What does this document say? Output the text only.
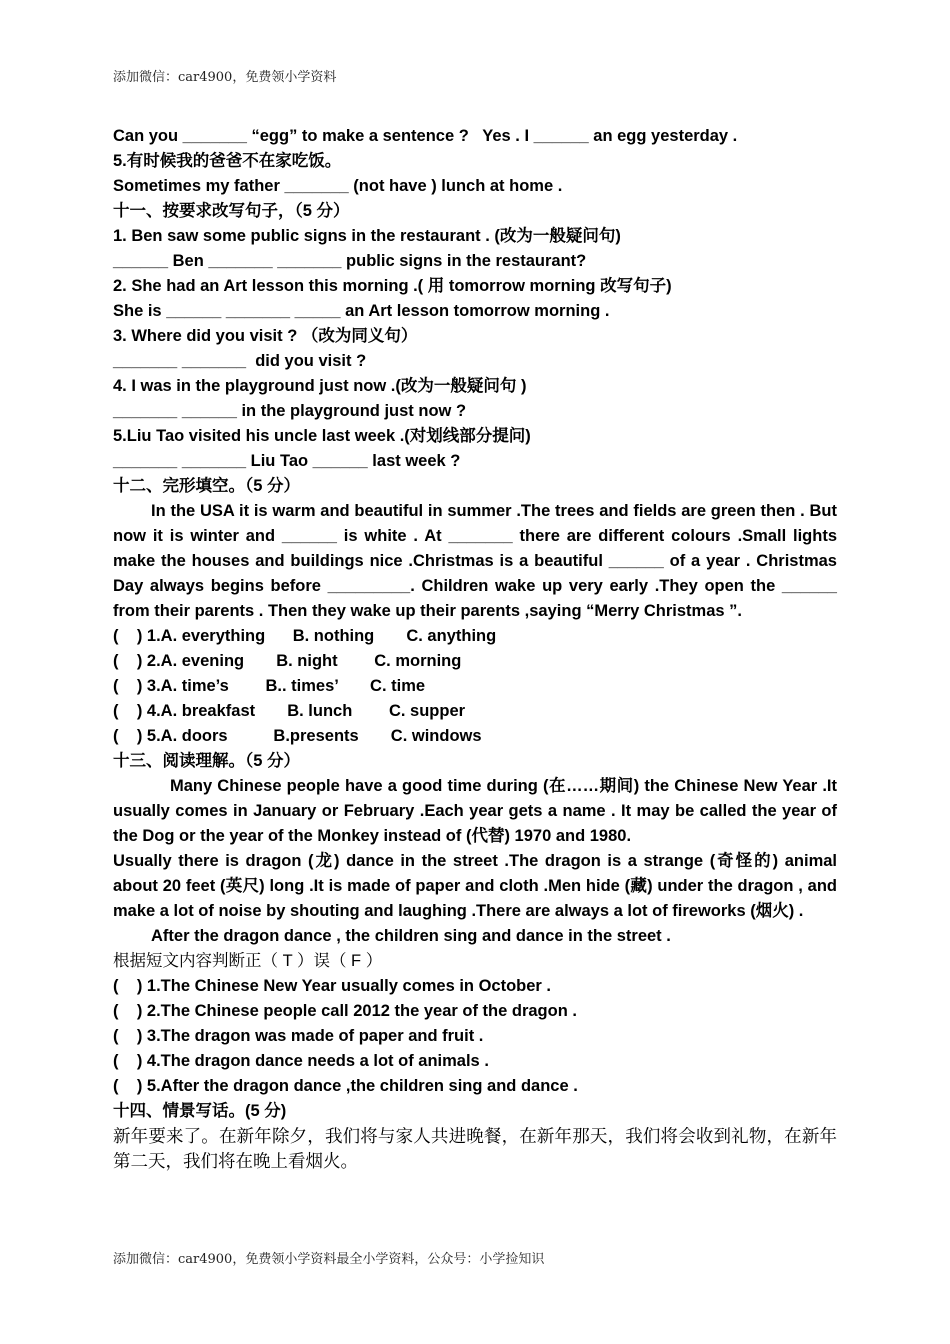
添加微信：car4900，免费领小学资料
Can you _______ “egg” to make a sentence ?   Yes . I ______ an egg yesterday .
5.有时候我的爸爸不在家吃饭。
Sometimes my father _______ (not have ) lunch at home .
十一、按要求改写句子，（5 分）
1. Ben saw some public signs in the restaurant . (改为一般疑问句)
______ Ben _______ _______ public signs in the restaurant?
2. She had an Art lesson this morning .( 用 tomorrow morning 改写句子)
She is ______ _______ _____ an Art lesson tomorrow morning .
3. Where did you visit ? （改为同义句）
_______ _______  did you visit ?
4. I was in the playground just now .(改为一般疑问句 )
_______ ______ in the playground just now ?
5.Liu Tao visited his uncle last week .(对划线部分提问)
_______ _______ Liu Tao ______ last week ?
十二、完形填空。（5 分）
In the USA it is warm and beautiful in summer .The trees and fields are green then . But now it is winter and ______ is white . At _______ there are different colours .Small lights make the houses and buildings nice .Christmas is a beautiful ______ of a year . Christmas Day always begins before _________. Children wake up very early .They open the ______ from their parents . Then they wake up their parents ,saying “Merry Christmas ”.
(    ) 1.A. everything      B. nothing       C. anything
(    ) 2.A. evening       B. night        C. morning
(    ) 3.A. time’s        B.. times’       C. time
(    ) 4.A. breakfast       B. lunch        C. supper
(    ) 5.A. doors          B.presents       C. windows
十三、阅读理解。（5 分）
Many Chinese people have a good time during (在……期间) the Chinese New Year .It usually comes in January or February .Each year gets a name . It may be called the year of the Dog or the year of the Monkey instead of (代替) 1970 and 1980.
Usually there is dragon (龙) dance in the street .The dragon is a strange (奇怪的) animal about 20 feet (英尺) long .It is made of paper and cloth .Men hide (藏) under the dragon , and make a lot of noise by shouting and laughing .There are always a lot of fireworks (烟火) .
After the dragon dance , the children sing and dance in the street .
根据短文内容判断正（ T ）误（ F ）
(    ) 1.The Chinese New Year usually comes in October .
(    ) 2.The Chinese people call 2012 the year of the dragon .
(    ) 3.The dragon was made of paper and fruit .
(    ) 4.The dragon dance needs a lot of animals .
(    ) 5.After the dragon dance ,the children sing and dance .
十四、情景写话。(5 分)
新年要来了。在新年除夕，我们将与家人共进晚餐，在新年那天，我们将会收到礼物，在新年第二天，我们将在晚上看烟火。
添加微信：car4900，免费领小学资料最全小学资料，公众号：小学捡知识
